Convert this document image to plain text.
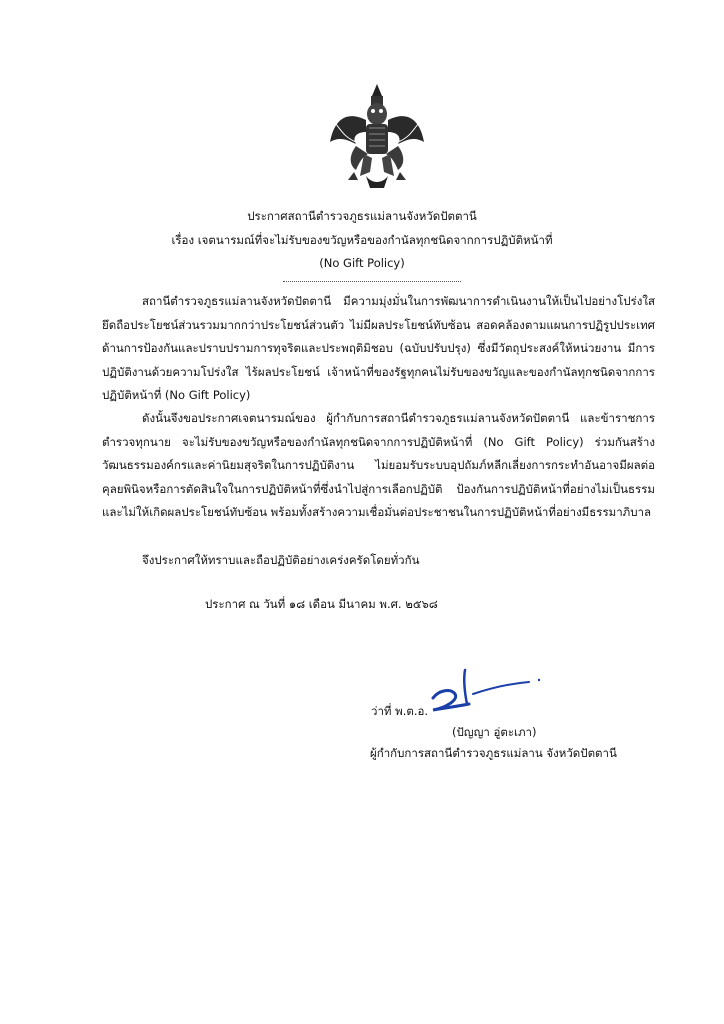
ประกาศสถานีตำรวจภูธรแม่ลานจังหวัดปัตตานี
เรื่อง เจตนารมณ์ที่จะไม่รับของขวัญหรือของกำนัลทุกชนิดจากการปฏิบัติหน้าที่
(No Gift Policy)
สถานีตำรวจภูธรแม่ลานจังหวัดปัตตานี มีความมุ่งมั่นในการพัฒนาการดำเนินงานให้เป็นไปอย่างโปร่งใส ยึดถือประโยชน์ส่วนรวมมากกว่าประโยชน์ส่วนตัว ไม่มีผลประโยชน์ทับซ้อน สอดคล้องตามแผนการปฏิรูปประเทศด้านการป้องกันและปราบปรามการทุจริตและประพฤติมิชอบ (ฉบับปรับปรุง) ซึ่งมีวัตถุประสงค์ให้หน่วยงาน มีการปฏิบัติงานด้วยความโปร่งใส ไร้ผลประโยชน์ เจ้าหน้าที่ของรัฐทุกคนไม่รับของขวัญและของกำนัลทุกชนิดจากการปฏิบัติหน้าที่ (No Gift Policy)
ดังนั้นจึงขอประกาศเจตนารมณ์ของ ผู้กำกับการสถานีตำรวจภูธรแม่ลานจังหวัดปัตตานี และข้าราชการตำรวจทุกนาย จะไม่รับของขวัญหรือของกำนัลทุกชนิดจากการปฏิบัติหน้าที่ (No Gift Policy) ร่วมกันสร้างวัฒนธรรมองค์กรและค่านิยมสุจริตในการปฏิบัติงาน ไม่ยอมรับระบบอุปถัมภ์หลีกเลี่ยงการกระทำอันอาจมีผลต่อคุลยพินิจหรือการตัดสินใจในการปฏิบัติหน้าที่ซึ่งนำไปสู่การเลือกปฏิบัติ ป้องกันการปฏิบัติหน้าที่อย่างไม่เป็นธรรมและไม่ให้เกิดผลประโยชน์ทับซ้อน พร้อมทั้งสร้างความเชื่อมั่นต่อประชาชนในการปฏิบัติหน้าที่อย่างมีธรรมาภิบาล
จึงประกาศให้ทราบและถือปฏิบัติอย่างเคร่งครัดโดยทั่วกัน
ประกาศ ณ วันที่ ๑๘ เดือน มีนาคม พ.ศ. ๒๕๖๘
ว่าที่ พ.ต.อ.
(ปัญญา อู่ตะเภา)
ผู้กำกับการสถานีตำรวจภูธรแม่ลาน จังหวัดปัตตานี
